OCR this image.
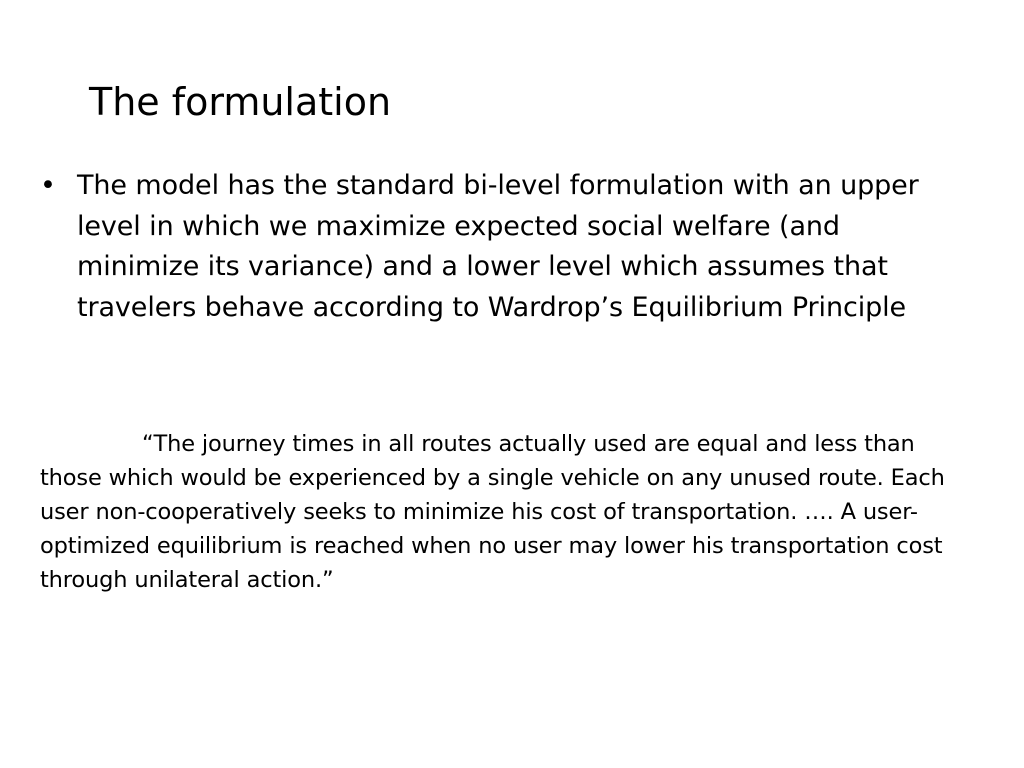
The formulation
• The model has the standard bi-level formulation with an upper level in which we maximize expected social welfare (and minimize its variance) and a lower level which assumes that travelers behave according to Wardrop’s Equilibrium Principle

“The journey times in all routes actually used are equal and less than those which would be experienced by a single vehicle on any unused route. Each user non-cooperatively seeks to minimize his cost of transportation. …. A user-optimized equilibrium is reached when no user may lower his transportation cost through unilateral action.”
